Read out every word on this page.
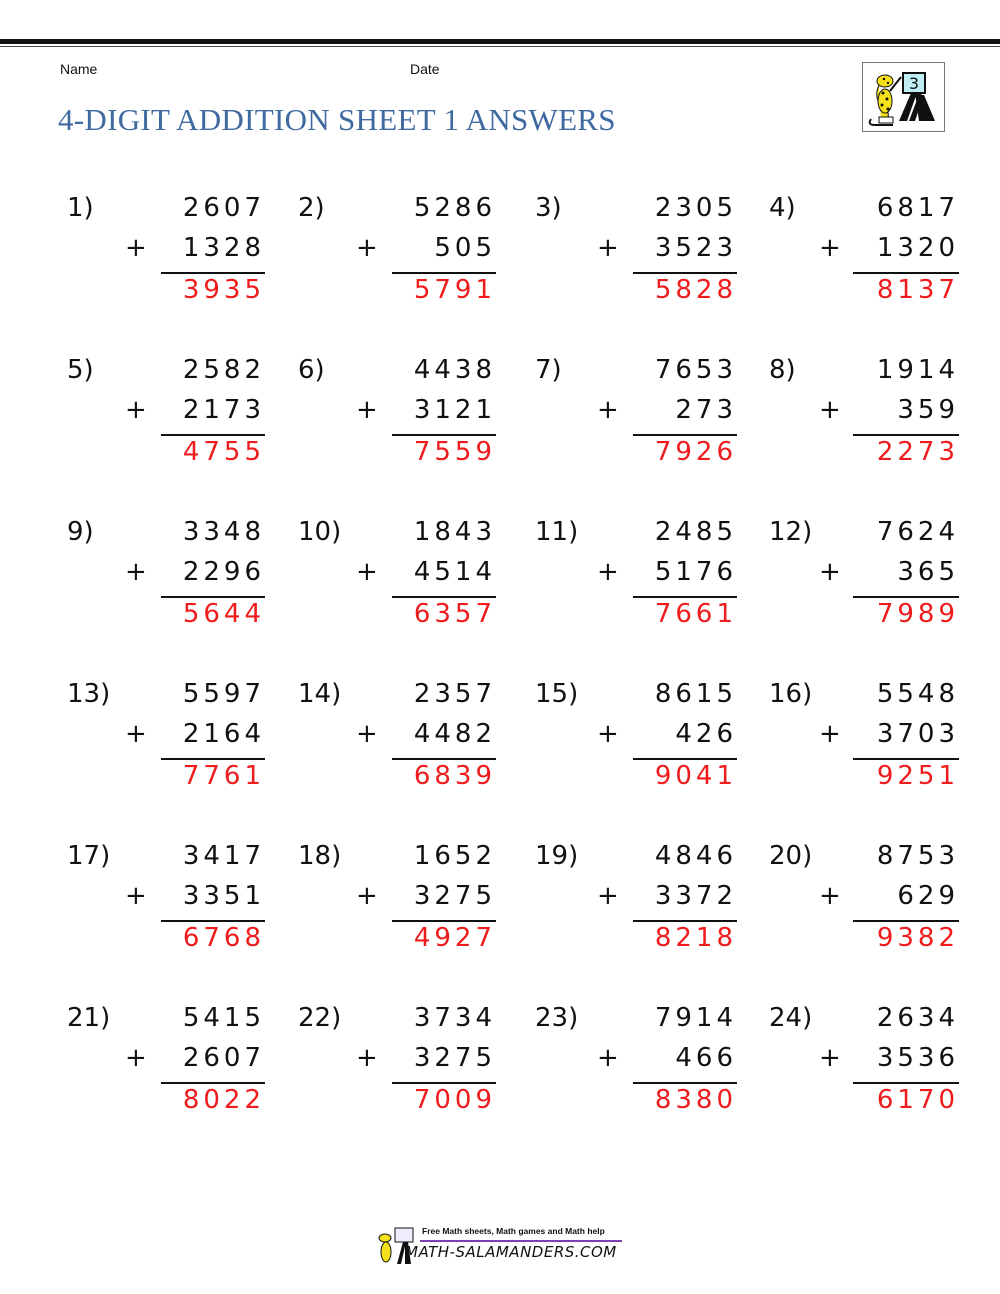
Name	Date
4-DIGIT ADDITION SHEET 1 ANSWERS
3
1)	2607
+	1328
3935
2)	5286
+	505
5791
3)	2305
+	3523
5828
4)	6817
+	1320
8137
5)	2582
+	2173
4755
6)	4438
+	3121
7559
7)	7653
+	273
7926
8)	1914
+	359
2273
9)	3348
+	2296
5644
10)	1843
+	4514
6357
11)	2485
+	5176
7661
12)	7624
+	365
7989
13)	5597
+	2164
7761
14)	2357
+	4482
6839
15)	8615
+	426
9041
16)	5548
+	3703
9251
17)	3417
+	3351
6768
18)	1652
+	3275
4927
19)	4846
+	3372
8218
20)	8753
+	629
9382
21)	5415
+	2607
8022
22)	3734
+	3275
7009
23)	7914
+	466
8380
24)	2634
+	3536
6170
Free Math sheets, Math games and Math help
MATH-SALAMANDERS.COM
